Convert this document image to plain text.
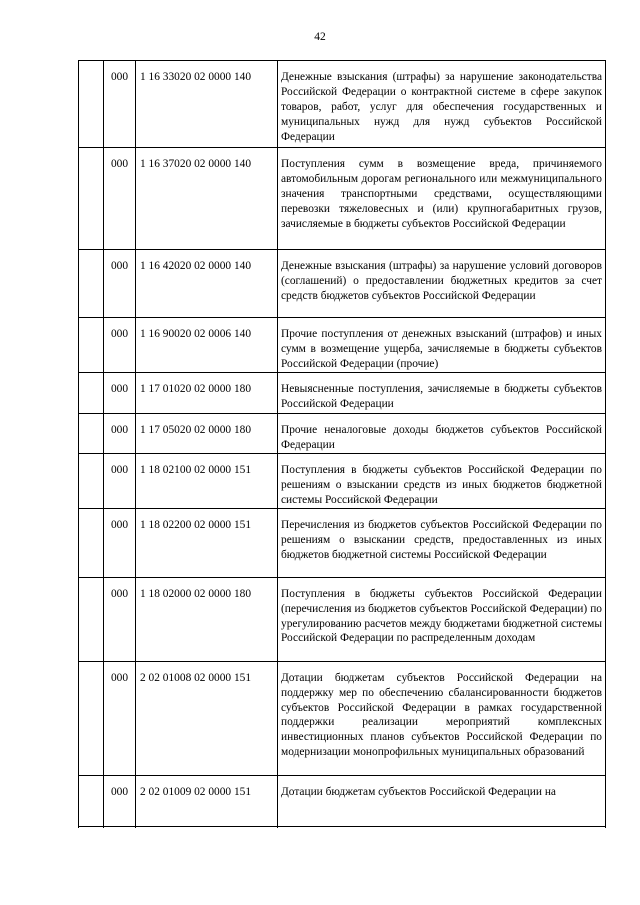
42
	000	1 16 33020 02 0000 140	Денежные взыскания (штрафы) за нарушение законодательства Российской Федерации о контрактной системе в сфере закупок товаров, работ, услуг для обеспечения государственных и муниципальных нужд для нужд субъектов Российской Федерации
	000	1 16 37020 02 0000 140	Поступления сумм в возмещение вреда, причиняемого автомобильным дорогам регионального или межмуниципального значения транспортными средствами, осуществляющими перевозки тяжеловесных и (или) крупногабаритных грузов, зачисляемые в бюджеты субъектов Российской Федерации
	000	1 16 42020 02 0000 140	Денежные взыскания (штрафы) за нарушение условий договоров (соглашений) о предоставлении бюджетных кредитов за счет средств бюджетов субъектов Российской Федерации
	000	1 16 90020 02 0006 140	Прочие поступления от денежных взысканий (штрафов) и иных сумм в возмещение ущерба, зачисляемые в бюджеты субъектов Российской Федерации (прочие)
	000	1 17 01020 02 0000 180	Невыясненные поступления, зачисляемые в бюджеты субъектов Российской Федерации
	000	1 17 05020 02 0000 180	Прочие неналоговые доходы бюджетов субъектов Российской Федерации
	000	1 18 02100 02 0000 151	Поступления в бюджеты субъектов Российской Федерации по решениям о взыскании средств из иных бюджетов бюджетной системы Российской Федерации
	000	1 18 02200 02 0000 151	Перечисления из бюджетов субъектов Российской Федерации по решениям о взыскании средств, предоставленных из иных бюджетов бюджетной системы Российской Федерации
	000	1 18 02000 02 0000 180	Поступления в бюджеты субъектов Российской Федерации (перечисления из бюджетов субъектов Российской Федерации) по урегулированию расчетов между бюджетами бюджетной системы Российской Федерации по распределенным доходам
	000	2 02 01008 02 0000 151	Дотации бюджетам субъектов Российской Федерации на поддержку мер по обеспечению сбалансированности бюджетов субъектов Российской Федерации в рамках государственной поддержки реализации мероприятий комплексных инвестиционных планов субъектов Российской Федерации по модернизации монопрофильных муниципальных образований
	000	2 02 01009 02 0000 151	Дотации бюджетам субъектов Российской Федерации на
